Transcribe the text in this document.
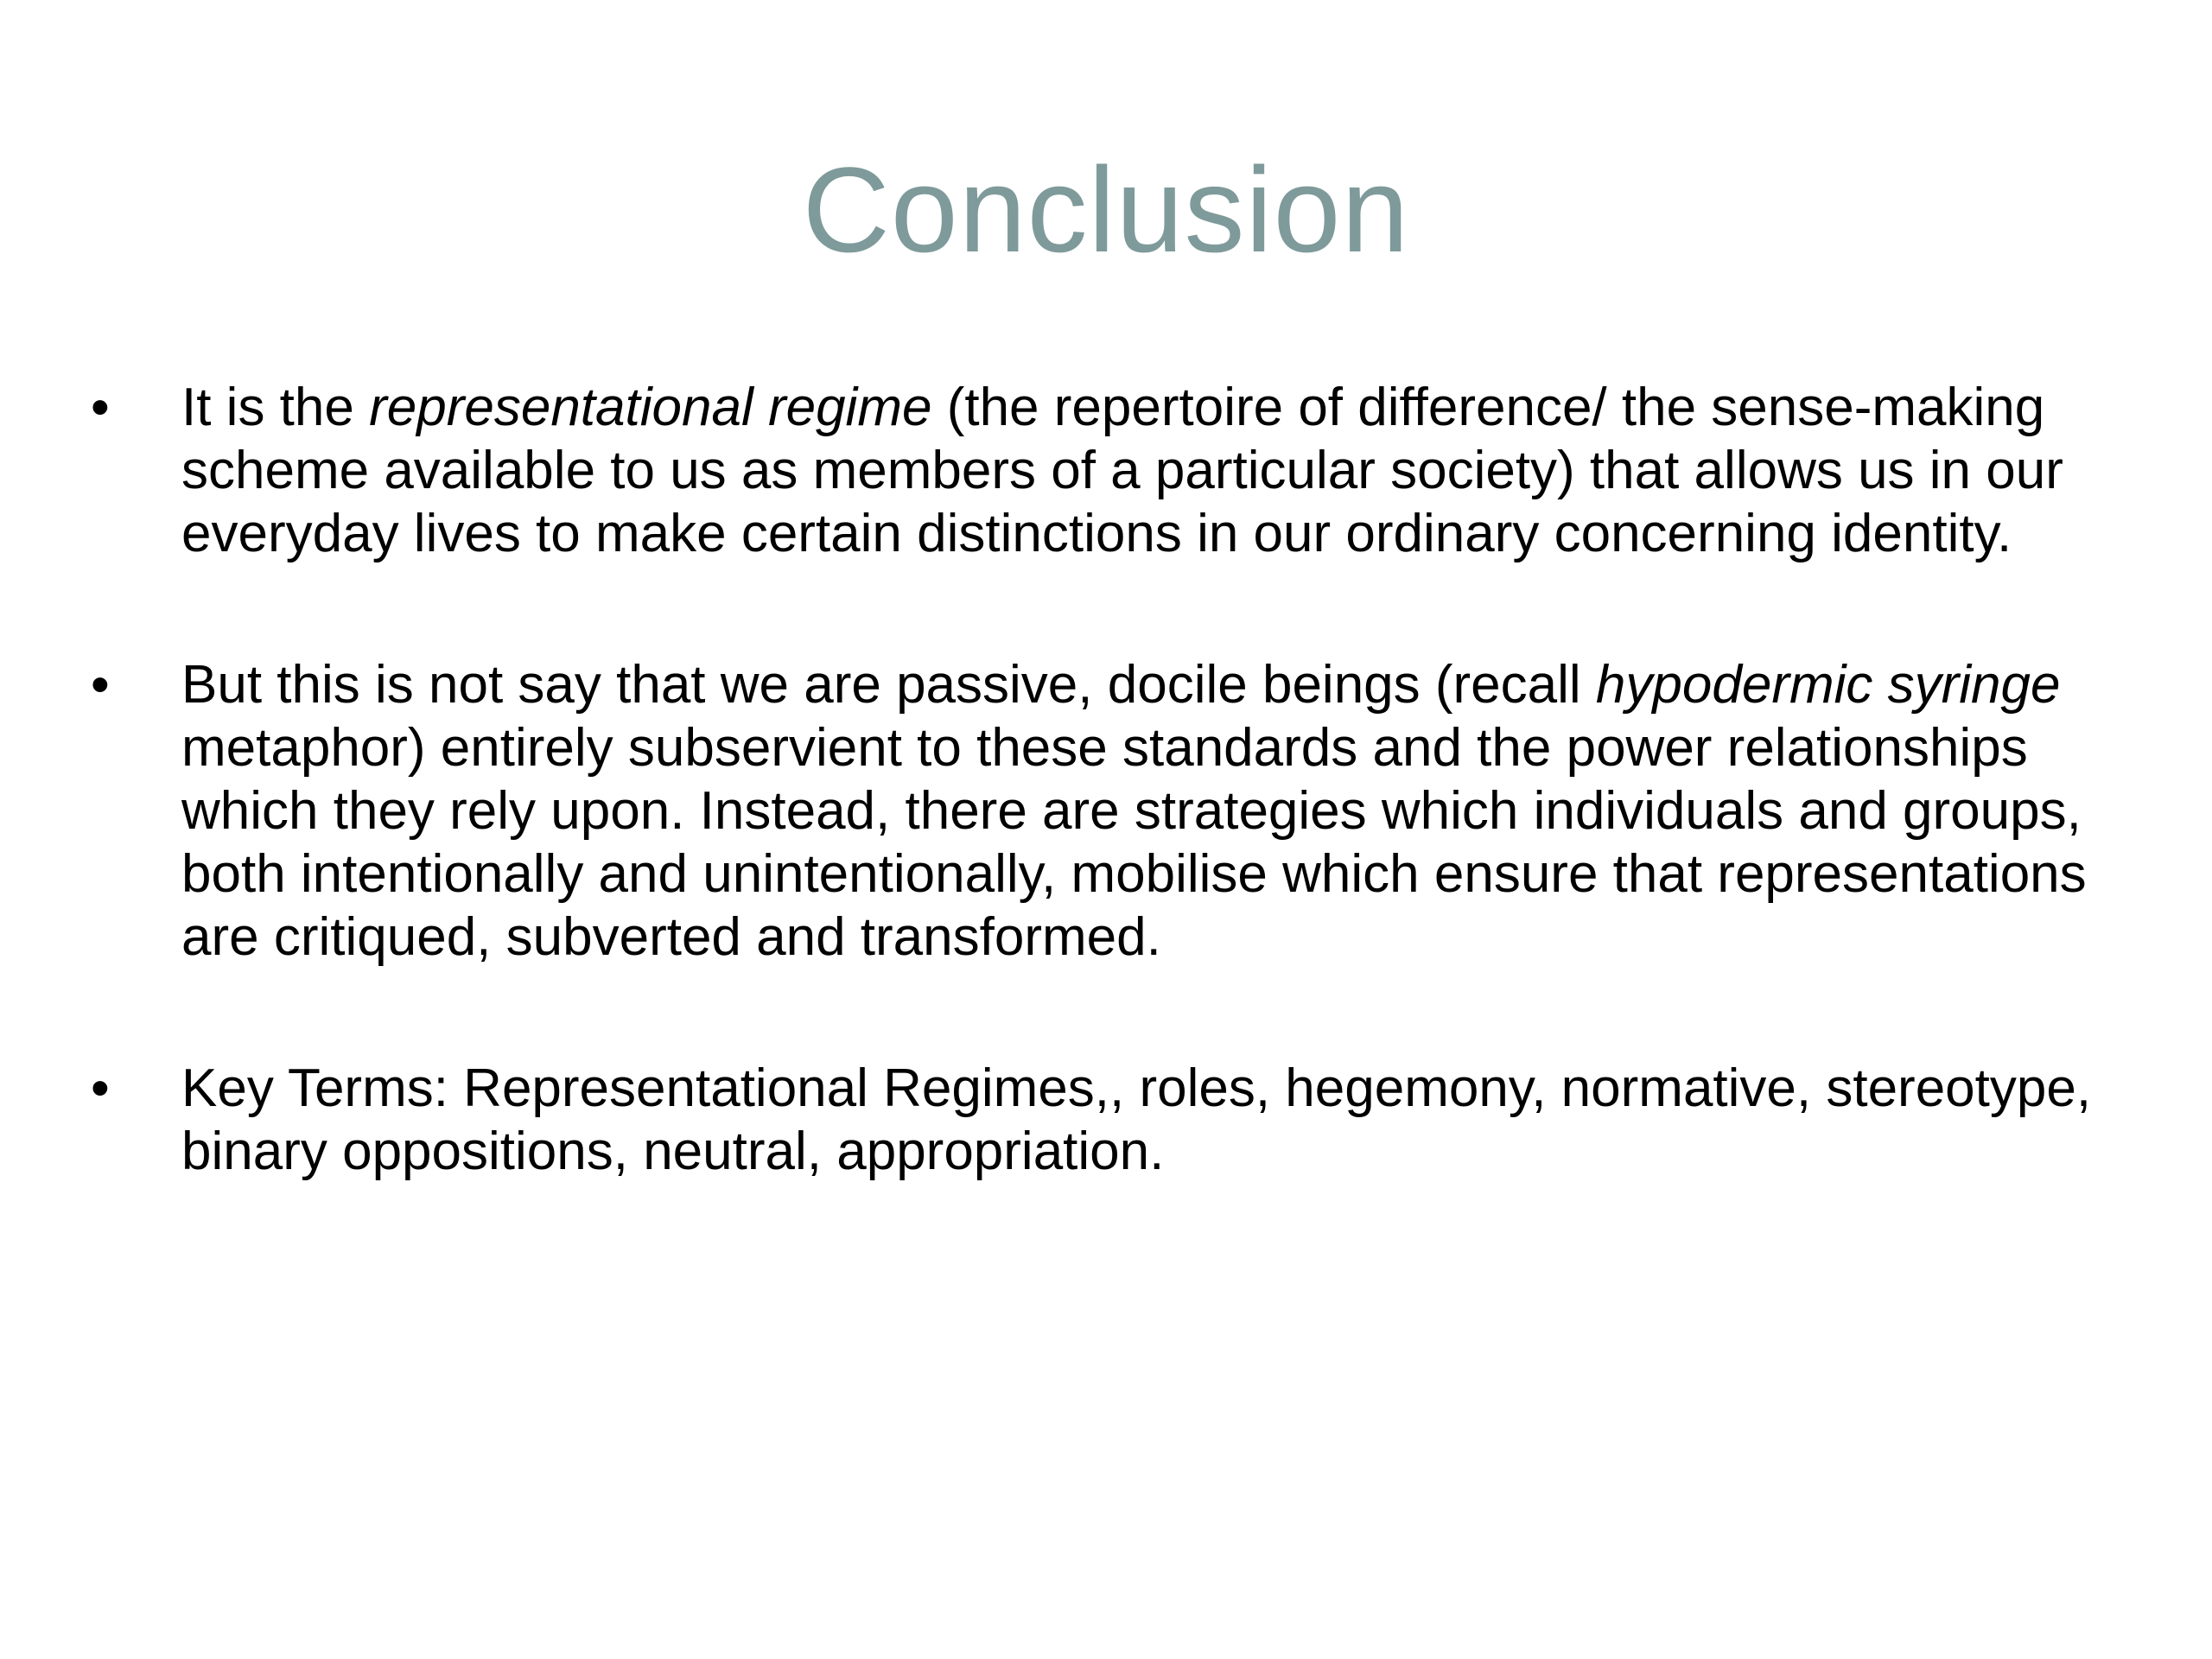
Conclusion
•	It is the representational regime (the repertoire of difference/ the sense-making scheme available to us as members of a particular society) that allows us in our everyday lives to make certain distinctions in our ordinary concerning identity.
•	But this is not say that we are passive, docile beings (recall hypodermic syringe metaphor) entirely subservient to these standards and the power relationships which they rely upon. Instead, there are strategies which individuals and groups, both intentionally and unintentionally, mobilise which ensure that representations are critiqued, subverted and transformed.
•	Key Terms: Representational Regimes,, roles, hegemony, normative, stereotype, binary oppositions, neutral, appropriation.
